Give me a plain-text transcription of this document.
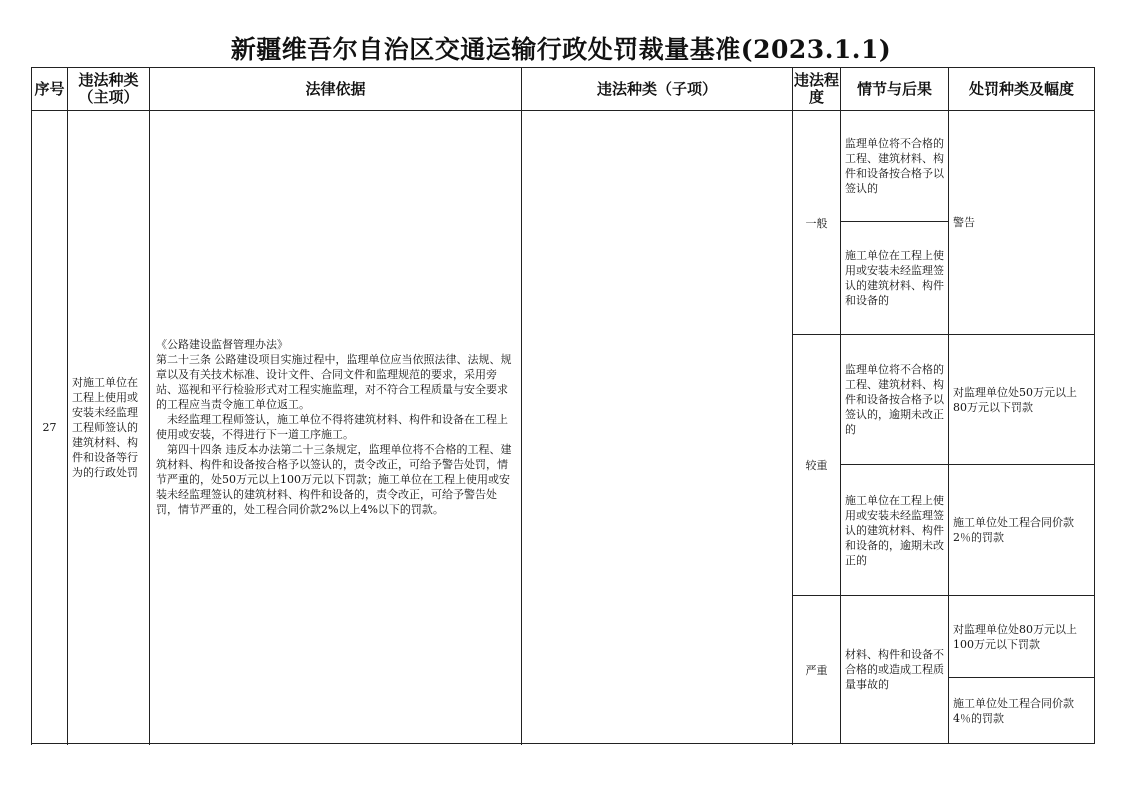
新疆维吾尔自治区交通运输行政处罚裁量基准(2023.1.1)
序号	违法种类（主项）	法律依据	违法种类（子项）	违法程度	情节与后果	处罚种类及幅度
27	对施工单位在工程上使用或安装未经监理工程师签认的建筑材料、构件和设备等行为的行政处罚	《公路建设监督管理办法》
第二十三条 公路建设项目实施过程中，监理单位应当依照法律、法规、规章以及有关技术标准、设计文件、合同文件和监理规范的要求，采用旁站、巡视和平行检验形式对工程实施监理，对不符合工程质量与安全要求的工程应当责令施工单位返工。
　未经监理工程师签认，施工单位不得将建筑材料、构件和设备在工程上使用或安装，不得进行下一道工序施工。
　第四十四条 违反本办法第二十三条规定，监理单位将不合格的工程、建筑材料、构件和设备按合格予以签认的，责令改正，可给予警告处罚，情节严重的，处50万元以上100万元以下罚款；施工单位在工程上使用或安装未经监理签认的建筑材料、构件和设备的，责令改正，可给予警告处罚，情节严重的，处工程合同价款2%以上4%以下的罚款。		一般	监理单位将不合格的工程、建筑材料、构件和设备按合格予以签认的	警告
					施工单位在工程上使用或安装未经监理签认的建筑材料、构件和设备的	
				较重	监理单位将不合格的工程、建筑材料、构件和设备按合格予以签认的，逾期未改正的	对监理单位处50万元以上80万元以下罚款
					施工单位在工程上使用或安装未经监理签认的建筑材料、构件和设备的，逾期未改正的	施工单位处工程合同价款2％的罚款
				严重	材料、构件和设备不合格的或造成工程质量事故的	对监理单位处80万元以上100万元以下罚款
						施工单位处工程合同价款4％的罚款
